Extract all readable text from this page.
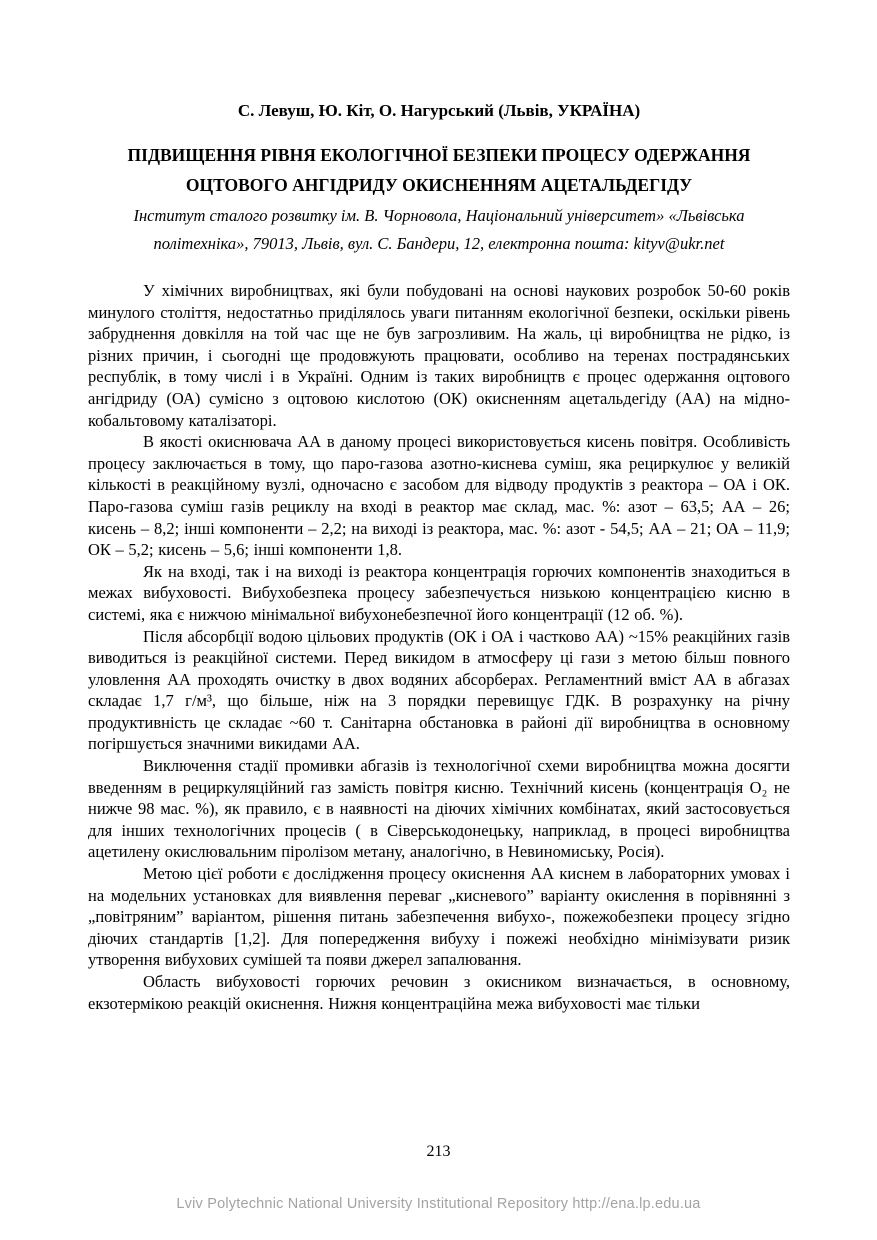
С. Левуш, Ю. Кіт, О. Нагурський (Львів, УКРАЇНА)

ПІДВИЩЕННЯ РІВНЯ ЕКОЛОГІЧНОЇ БЕЗПЕКИ ПРОЦЕСУ ОДЕРЖАННЯ ОЦТОВОГО АНГІДРИДУ ОКИСНЕННЯМ АЦЕТАЛЬДЕГІДУ

Інститут сталого розвитку ім. В. Чорновола, Національний університет» «Львівська політехніка», 79013, Львів, вул. С. Бандери, 12, електронна пошта: kityv@ukr.net

У хімічних виробництвах, які були побудовані на основі наукових розробок 50-60 років минулого століття, недостатньо приділялось уваги питанням екологічної безпеки, оскільки рівень забруднення довкілля на той час ще не був загрозливим. На жаль, ці виробництва не рідко, із різних причин, і сьогодні ще продовжують працювати, особливо на теренах пострадянських республік, в тому числі і в Україні. Одним із таких виробництв є процес одержання оцтового ангідриду (ОА) сумісно з оцтовою кислотою (ОК) окисненням ацетальдегіду (АА) на мідно-кобальтовому каталізаторі.

В якості окиснювача АА в даному процесі використовується кисень повітря. Особливість процесу заключається в тому, що паро-газова азотно-киснева суміш, яка рециркулює у великій кількості в реакційному вузлі, одночасно є засобом для відводу продуктів з реактора – ОА і ОК. Паро-газова суміш газів рециклу на вході в реактор має склад, мас. %: азот – 63,5; АА – 26; кисень – 8,2; інші компоненти – 2,2; на виході із реактора, мас. %: азот - 54,5; АА – 21; ОА – 11,9; ОК – 5,2; кисень – 5,6; інші компоненти 1,8.

Як на вході, так і на виході із реактора концентрація горючих компонентів знаходиться в межах вибуховості. Вибухобезпека процесу забезпечується низькою концентрацією кисню в системі, яка є нижчою мінімальної вибухонебезпечної його концентрації (12 об. %).

Після абсорбції водою цільових продуктів (ОК і ОА і частково АА) ~15% реакційних газів виводиться із реакційної системи. Перед викидом в атмосферу ці гази з метою більш повного уловлення АА проходять очистку в двох водяних абсорберах. Регламентний вміст АА в абгазах складає 1,7 г/м³, що більше, ніж на 3 порядки перевищує ГДК. В розрахунку на річну продуктивність це складає ~60 т. Санітарна обстановка в районі дії виробництва в основному погіршується значними викидами АА.

Виключення стадії промивки абгазів із технологічної схеми виробництва можна досягти введенням в рециркуляційний газ замість повітря кисню. Технічний кисень (концентрація О₂ не нижче 98 мас. %), як правило, є в наявності на діючих хімічних комбінатах, який застосовується для інших технологічних процесів ( в Сіверськодонецьку, наприклад, в процесі виробництва ацетилену окислювальним піролізом метану, аналогічно, в Невиномиську, Росія).

Метою цієї роботи є дослідження процесу окиснення АА киснем в лабораторних умовах і на модельних установках для виявлення переваг „кисневого” варіанту окислення в порівнянні з „повітряним” варіантом, рішення питань забезпечення вибухо-, пожежобезпеки процесу згідно діючих стандартів [1,2]. Для попередження вибуху і пожежі необхідно мінімізувати ризик утворення вибухових сумішей та появи джерел запалювання.

Область вибуховості горючих речовин з окисником визначається, в основному, екзотермікою реакцій окиснення. Нижня концентраційна межа вибуховості має тільки

213
Lviv Polytechnic National University Institutional Repository http://ena.lp.edu.ua
